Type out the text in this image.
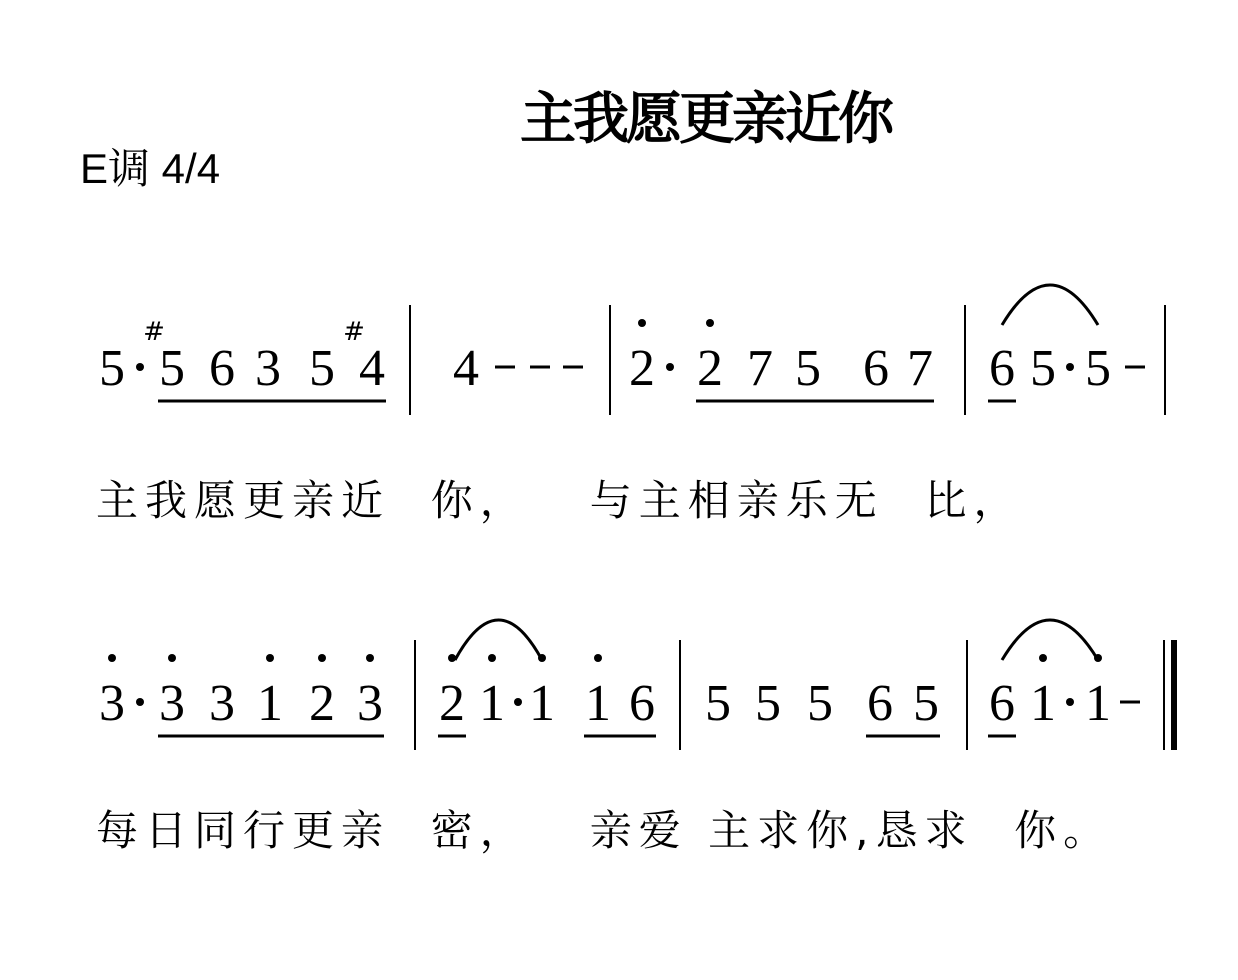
主我愿更亲近你
E调 4/4
5 5
#
6 3 5 4
#
4	2 2 7 5 6 7 6 5 5
3 3 3 1 2 3 2 1 1 1 6 5 5 5 6 5 6 1 1
主我愿更亲近  你，   与主相亲乐无  比，
每日同行更亲  密，   亲爱 主求你,恳求  你。
